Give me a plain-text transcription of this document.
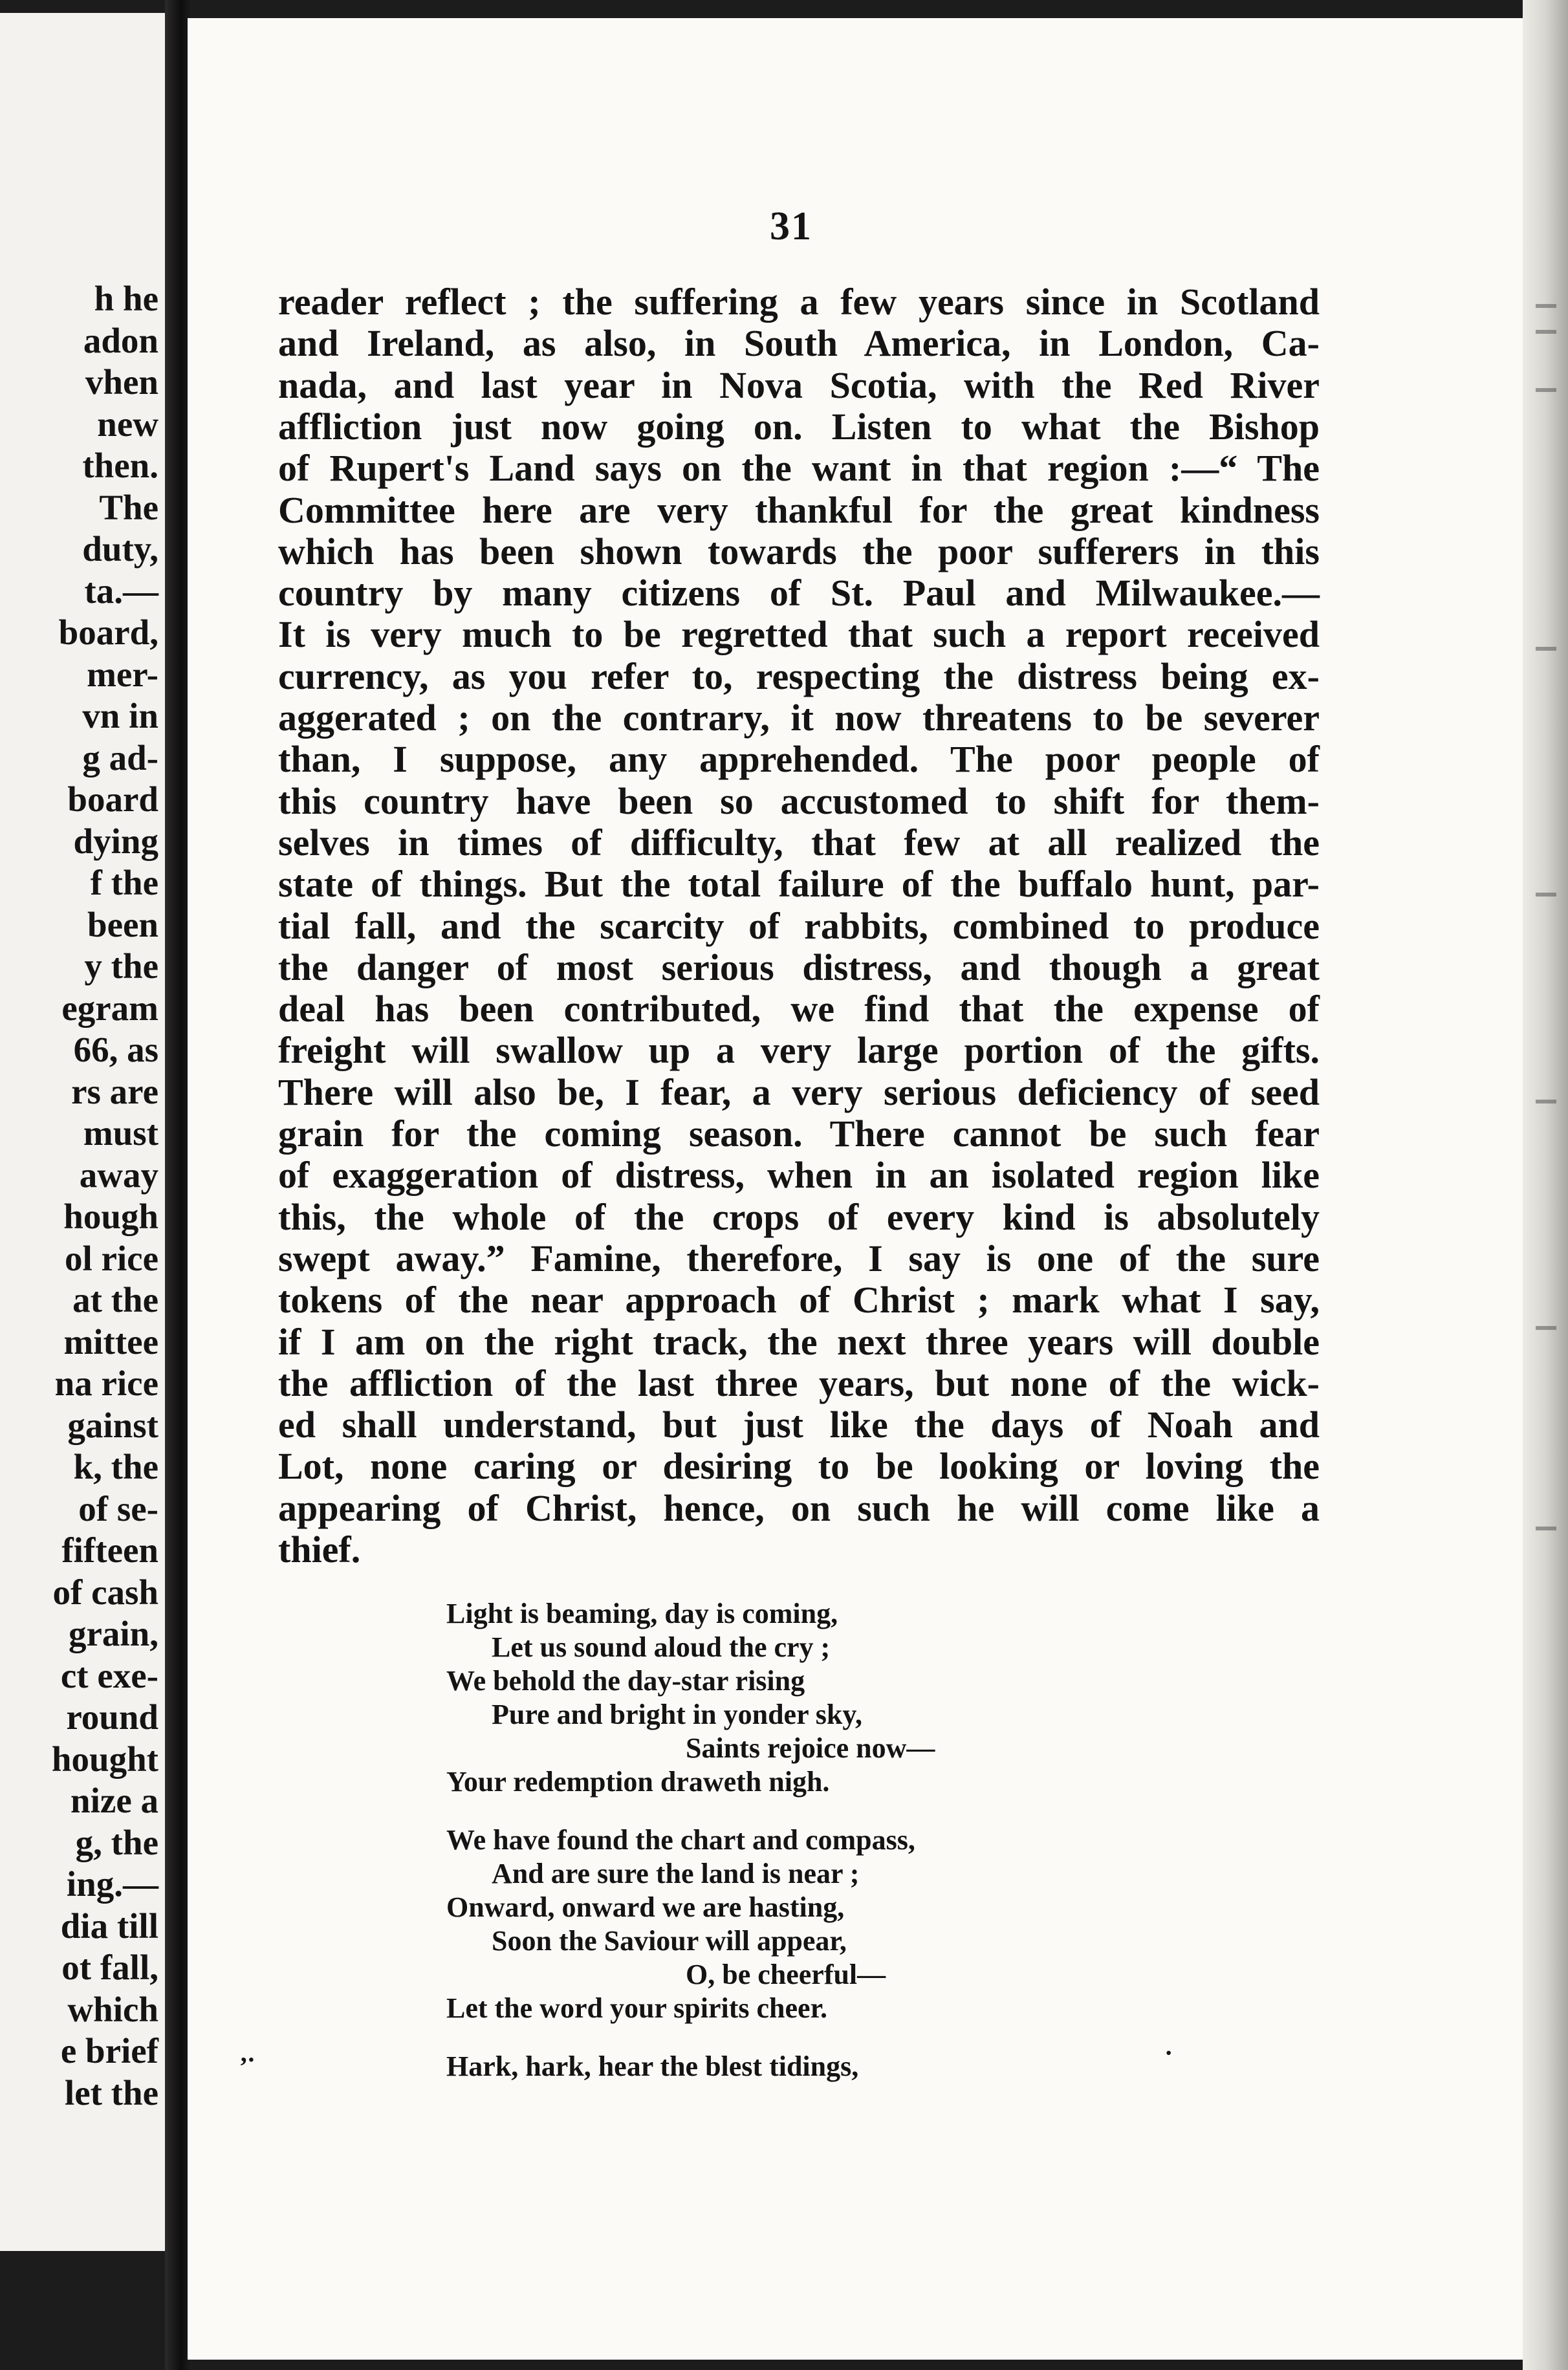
h he
adon
vhen
new
then.
The
duty,
ta.—
board,
mer-
vn in
g ad-
board
dying
f the
been
y the
egram
66, as
rs are
must
away
hough
ol rice
at the
mittee
na rice
gainst
k, the
of se-
fifteen
of cash
grain,
ct exe-
round
hought
nize a
g, the
ing.—
dia till
ot fall,
which
e brief
let the
31
reader reflect ; the suffering a few years since in Scotland
and Ireland, as also, in South America, in London, Ca-
nada, and last year in Nova Scotia, with the Red River
affliction just now going on. Listen to what the Bishop
of Rupert's Land says on the want in that region :—“ The
Committee here are very thankful for the great kindness
which has been shown towards the poor sufferers in this
country by many citizens of St. Paul and Milwaukee.—
It is very much to be regretted that such a report received
currency, as you refer to, respecting the distress being ex-
aggerated ; on the contrary, it now threatens to be severer
than, I suppose, any apprehended. The poor people of
this country have been so accustomed to shift for them-
selves in times of difficulty, that few at all realized the
state of things. But the total failure of the buffalo hunt, par-
tial fall, and the scarcity of rabbits, combined to produce
the danger of most serious distress, and though a great
deal has been contributed, we find that the expense of
freight will swallow up a very large portion of the gifts.
There will also be, I fear, a very serious deficiency of seed
grain for the coming season. There cannot be such fear
of exaggeration of distress, when in an isolated region like
this, the whole of the crops of every kind is absolutely
swept away.” Famine, therefore, I say is one of the sure
tokens of the near approach of Christ ; mark what I say,
if I am on the right track, the next three years will double
the affliction of the last three years, but none of the wick-
ed shall understand, but just like the days of Noah and
Lot, none caring or desiring to be looking or loving the
appearing of Christ, hence, on such he will come like a
thief.
Light is beaming, day is coming,
Let us sound aloud the cry ;
We behold the day-star rising
Pure and bright in yonder sky,
Saints rejoice now—
Your redemption draweth nigh.
We have found the chart and compass,
And are sure the land is near ;
Onward, onward we are hasting,
Soon the Saviour will appear,
O, be cheerful—
Let the word your spirits cheer.
Hark, hark, hear the blest tidings,
‚.	·
